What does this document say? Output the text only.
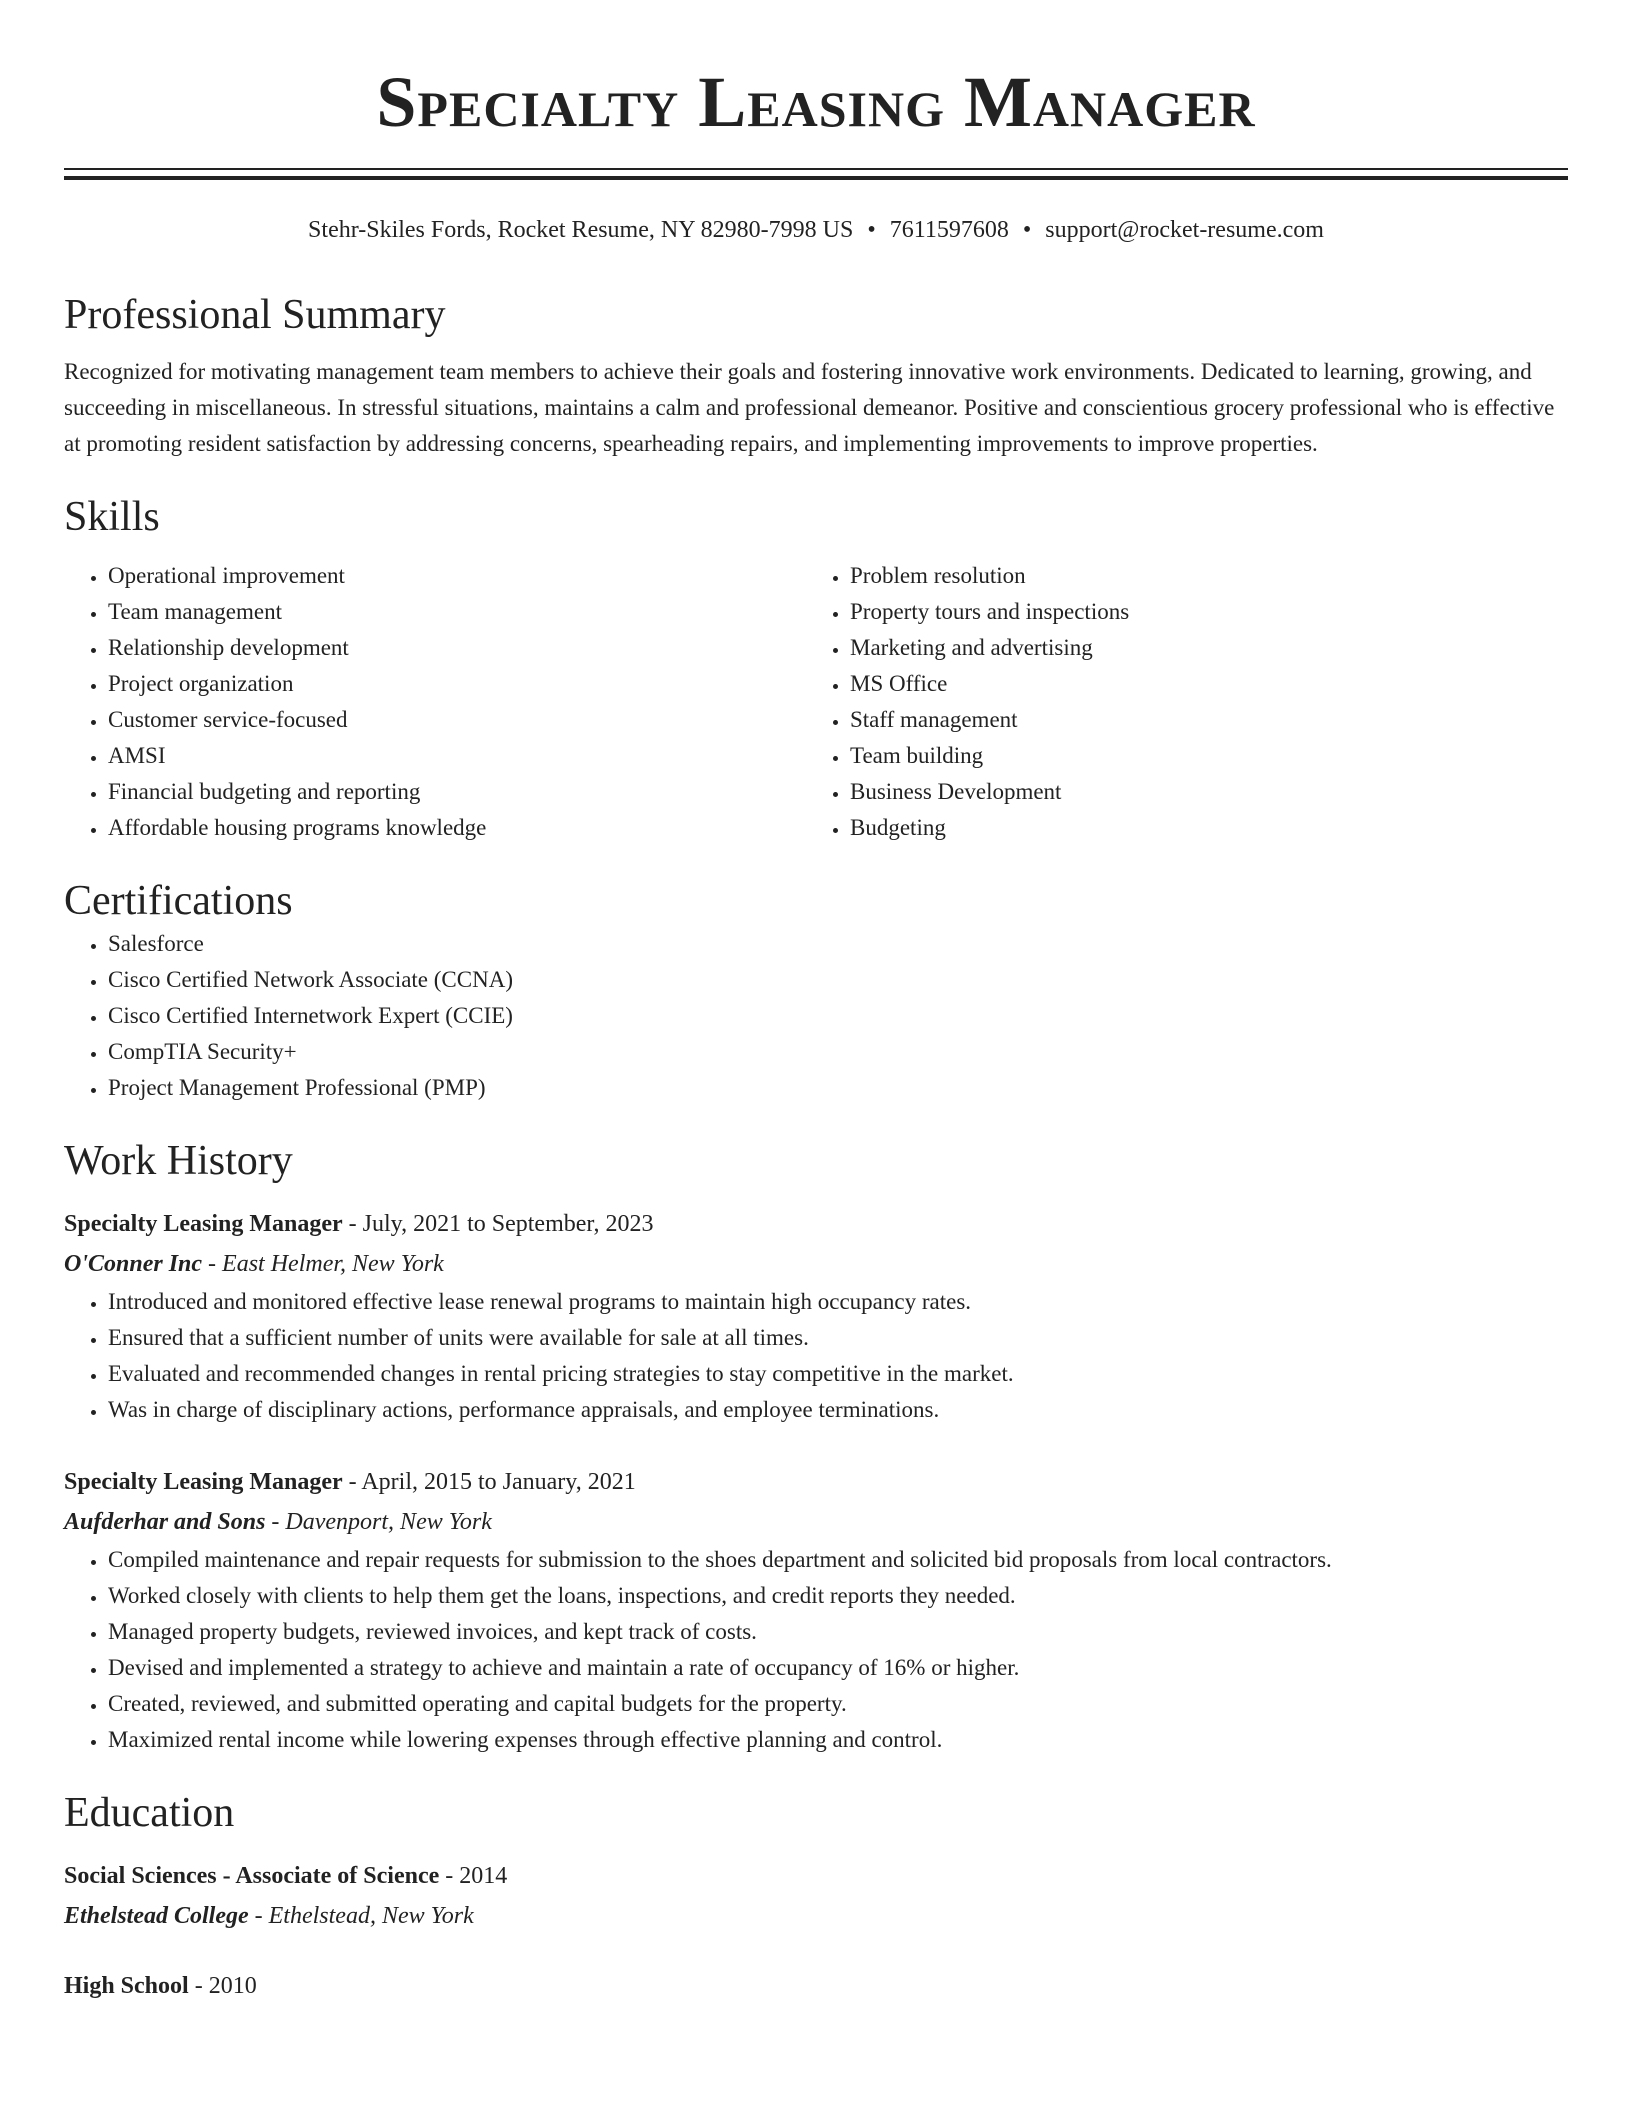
Specialty Leasing Manager
Stehr-Skiles Fords, Rocket Resume, NY 82980-7998 US • 7611597608 • support@rocket-resume.com
Professional Summary

Recognized for motivating management team members to achieve their goals and fostering innovative work environments. Dedicated to learning, growing, and succeeding in miscellaneous. In stressful situations, maintains a calm and professional demeanor. Positive and conscientious grocery professional who is effective at promoting resident satisfaction by addressing concerns, spearheading repairs, and implementing improvements to improve properties.

Skills
• Operational improvement
• Team management
• Relationship development
• Project organization
• Customer service-focused
• AMSI
• Financial budgeting and reporting
• Affordable housing programs knowledge
• Problem resolution
• Property tours and inspections
• Marketing and advertising
• MS Office
• Staff management
• Team building
• Business Development
• Budgeting
Certifications
• Salesforce
• Cisco Certified Network Associate (CCNA)
• Cisco Certified Internetwork Expert (CCIE)
• CompTIA Security+
• Project Management Professional (PMP)
Work History
Specialty Leasing Manager - July, 2021 to September, 2023
O'Conner Inc - East Helmer, New York
• Introduced and monitored effective lease renewal programs to maintain high occupancy rates.
• Ensured that a sufficient number of units were available for sale at all times.
• Evaluated and recommended changes in rental pricing strategies to stay competitive in the market.
• Was in charge of disciplinary actions, performance appraisals, and employee terminations.
Specialty Leasing Manager - April, 2015 to January, 2021
Aufderhar and Sons - Davenport, New York
• Compiled maintenance and repair requests for submission to the shoes department and solicited bid proposals from local contractors.
• Worked closely with clients to help them get the loans, inspections, and credit reports they needed.
• Managed property budgets, reviewed invoices, and kept track of costs.
• Devised and implemented a strategy to achieve and maintain a rate of occupancy of 16% or higher.
• Created, reviewed, and submitted operating and capital budgets for the property.
• Maximized rental income while lowering expenses through effective planning and control.
Education
Social Sciences - Associate of Science - 2014
Ethelstead College - Ethelstead, New York
High School - 2010
